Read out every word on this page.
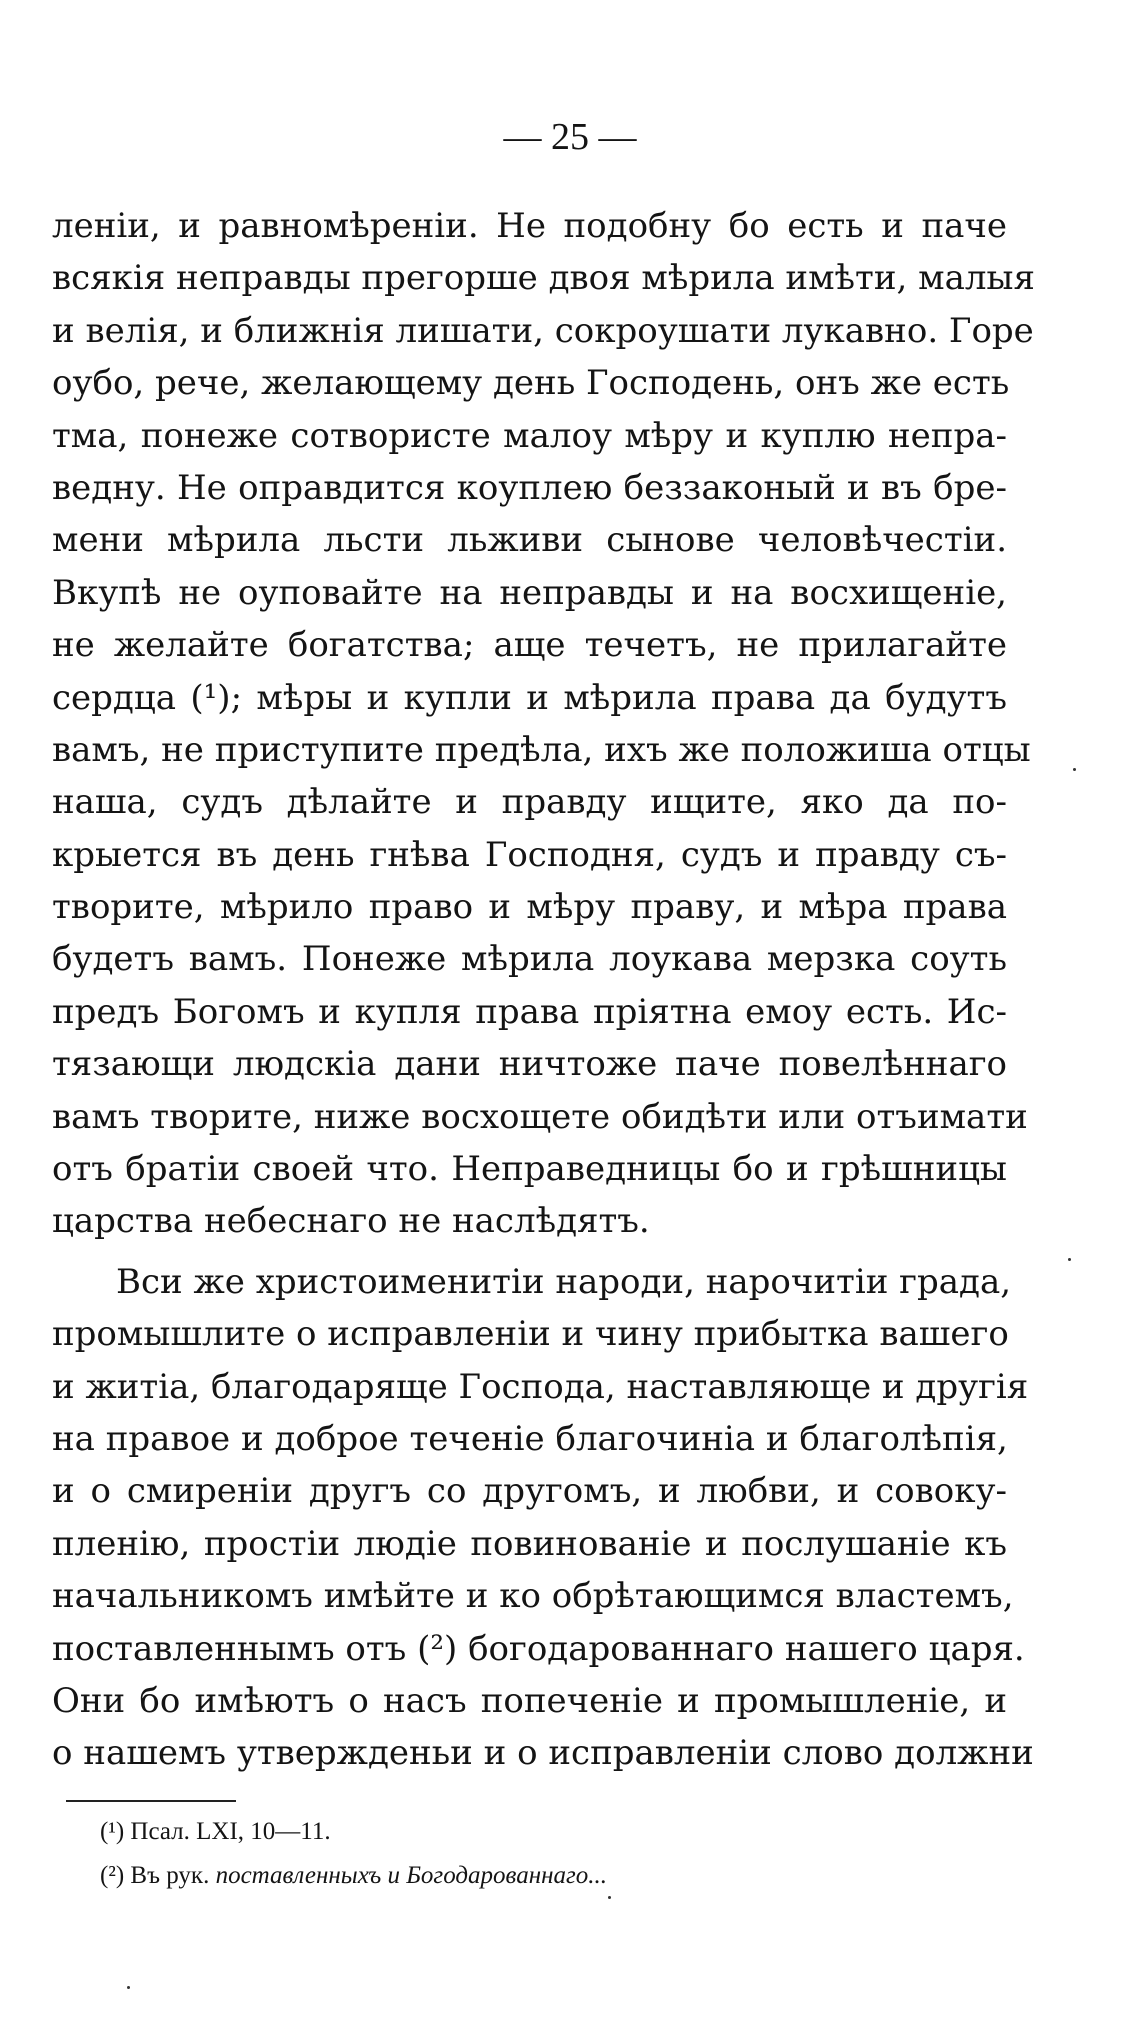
— 25 —
леніи, и равномѣреніи. Не подобну бо есть и паче
всякія неправды прегорше двоя мѣрила имѣти, малыя
и велія, и ближнія лишати, сокроушати лукавно. Горе
оубо, рече, желающему день Господень, онъ же есть
тма, понеже сотвористе малоу мѣру и куплю непра-
ведну. Не оправдится коуплею беззаконый и въ бре-
мени мѣрила льсти льживи сынове человѣчестіи.
Вкупѣ не оуповайте на неправды и на восхищеніе,
не желайте богатства; аще течетъ, не прилагайте
сердца (¹); мѣры и купли и мѣрила права да будутъ
вамъ, не приступите предѣла, ихъ же положиша отцы
наша, судъ дѣлайте и правду ищите, яко да по-
крыется въ день гнѣва Господня, судъ и правду съ-
творите, мѣрило право и мѣру праву, и мѣра права
будетъ вамъ. Понеже мѣрила лоукава мерзка соуть
предъ Богомъ и купля права пріятна емоу есть. Ис-
тязающи людскіа дани ничтоже паче повелѣннаго
вамъ творите, ниже восхощете обидѣти или отъимати
отъ братіи своей что. Неправедницы бо и грѣшницы
царства небеснаго не наслѣдятъ.
Вси же христоименитіи народи, нарочитіи града,
промышлите о исправленіи и чину прибытка вашего
и житіа, благодаряще Господа, наставляюще и другія
на правое и доброе теченіе благочиніа и благолѣпія,
и о смиреніи другъ со другомъ, и любви, и совоку-
пленію, простіи людіе повинованіе и послушаніе къ
начальникомъ имѣйте и ко обрѣтающимся властемъ,
поставленнымъ отъ (²) богодарованнаго нашего царя.
Они бо имѣютъ о насъ попеченіе и промышленіе, и
о нашемъ утвержденьи и о исправленіи слово должни
(¹) Псал. LXI, 10—11.
(²) Въ рук. поставленныхъ и Богодарованнаго...
